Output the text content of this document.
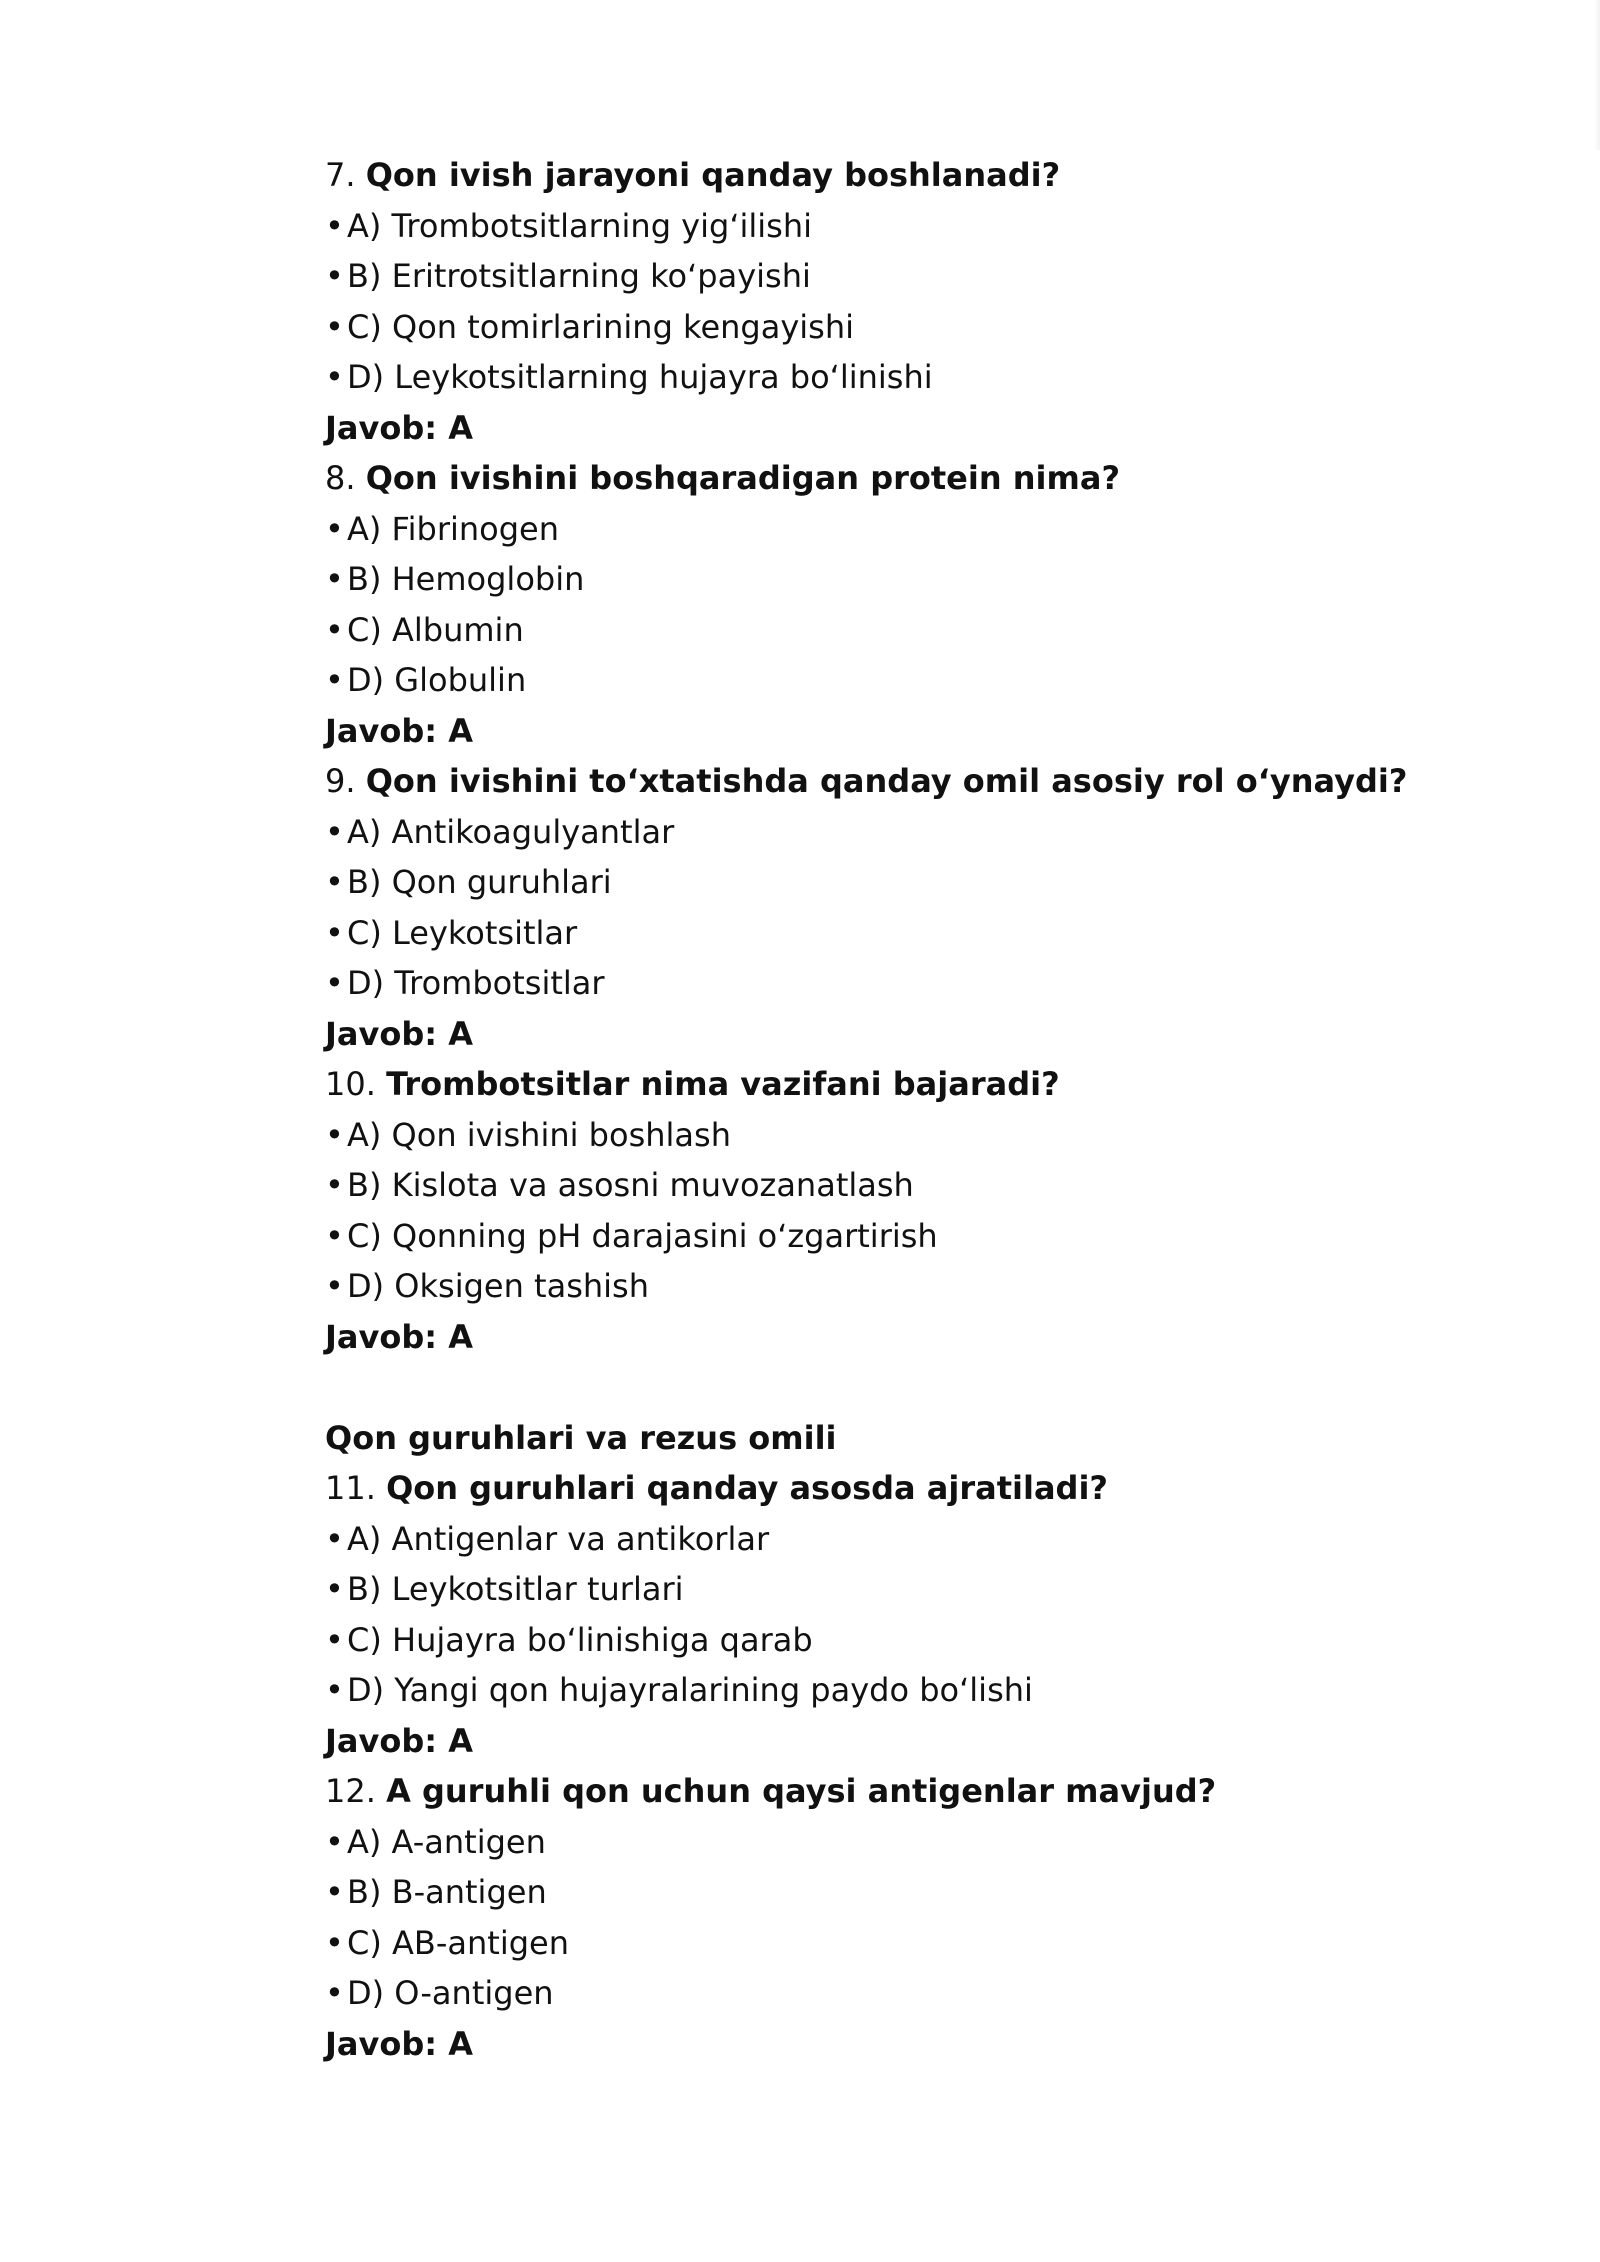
7. Qon ivish jarayoni qanday boshlanadi?
•A) Trombotsitlarning yig‘ilishi
•B) Eritrotsitlarning ko‘payishi
•C) Qon tomirlarining kengayishi
•D) Leykotsitlarning hujayra bo‘linishi
Javob: A
8. Qon ivishini boshqaradigan protein nima?
•A) Fibrinogen
•B) Hemoglobin
•C) Albumin
•D) Globulin
Javob: A
9. Qon ivishini to‘xtatishda qanday omil asosiy rol o‘ynaydi?
•A) Antikoagulyantlar
•B) Qon guruhlari
•C) Leykotsitlar
•D) Trombotsitlar
Javob: A
10. Trombotsitlar nima vazifani bajaradi?
•A) Qon ivishini boshlash
•B) Kislota va asosni muvozanatlash
•C) Qonning pH darajasini o‘zgartirish
•D) Oksigen tashish
Javob: A
Qon guruhlari va rezus omili
11. Qon guruhlari qanday asosda ajratiladi?
•A) Antigenlar va antikorlar
•B) Leykotsitlar turlari
•C) Hujayra bo‘linishiga qarab
•D) Yangi qon hujayralarining paydo bo‘lishi
Javob: A
12. A guruhli qon uchun qaysi antigenlar mavjud?
•A) A-antigen
•B) B-antigen
•C) AB-antigen
•D) O-antigen
Javob: A
